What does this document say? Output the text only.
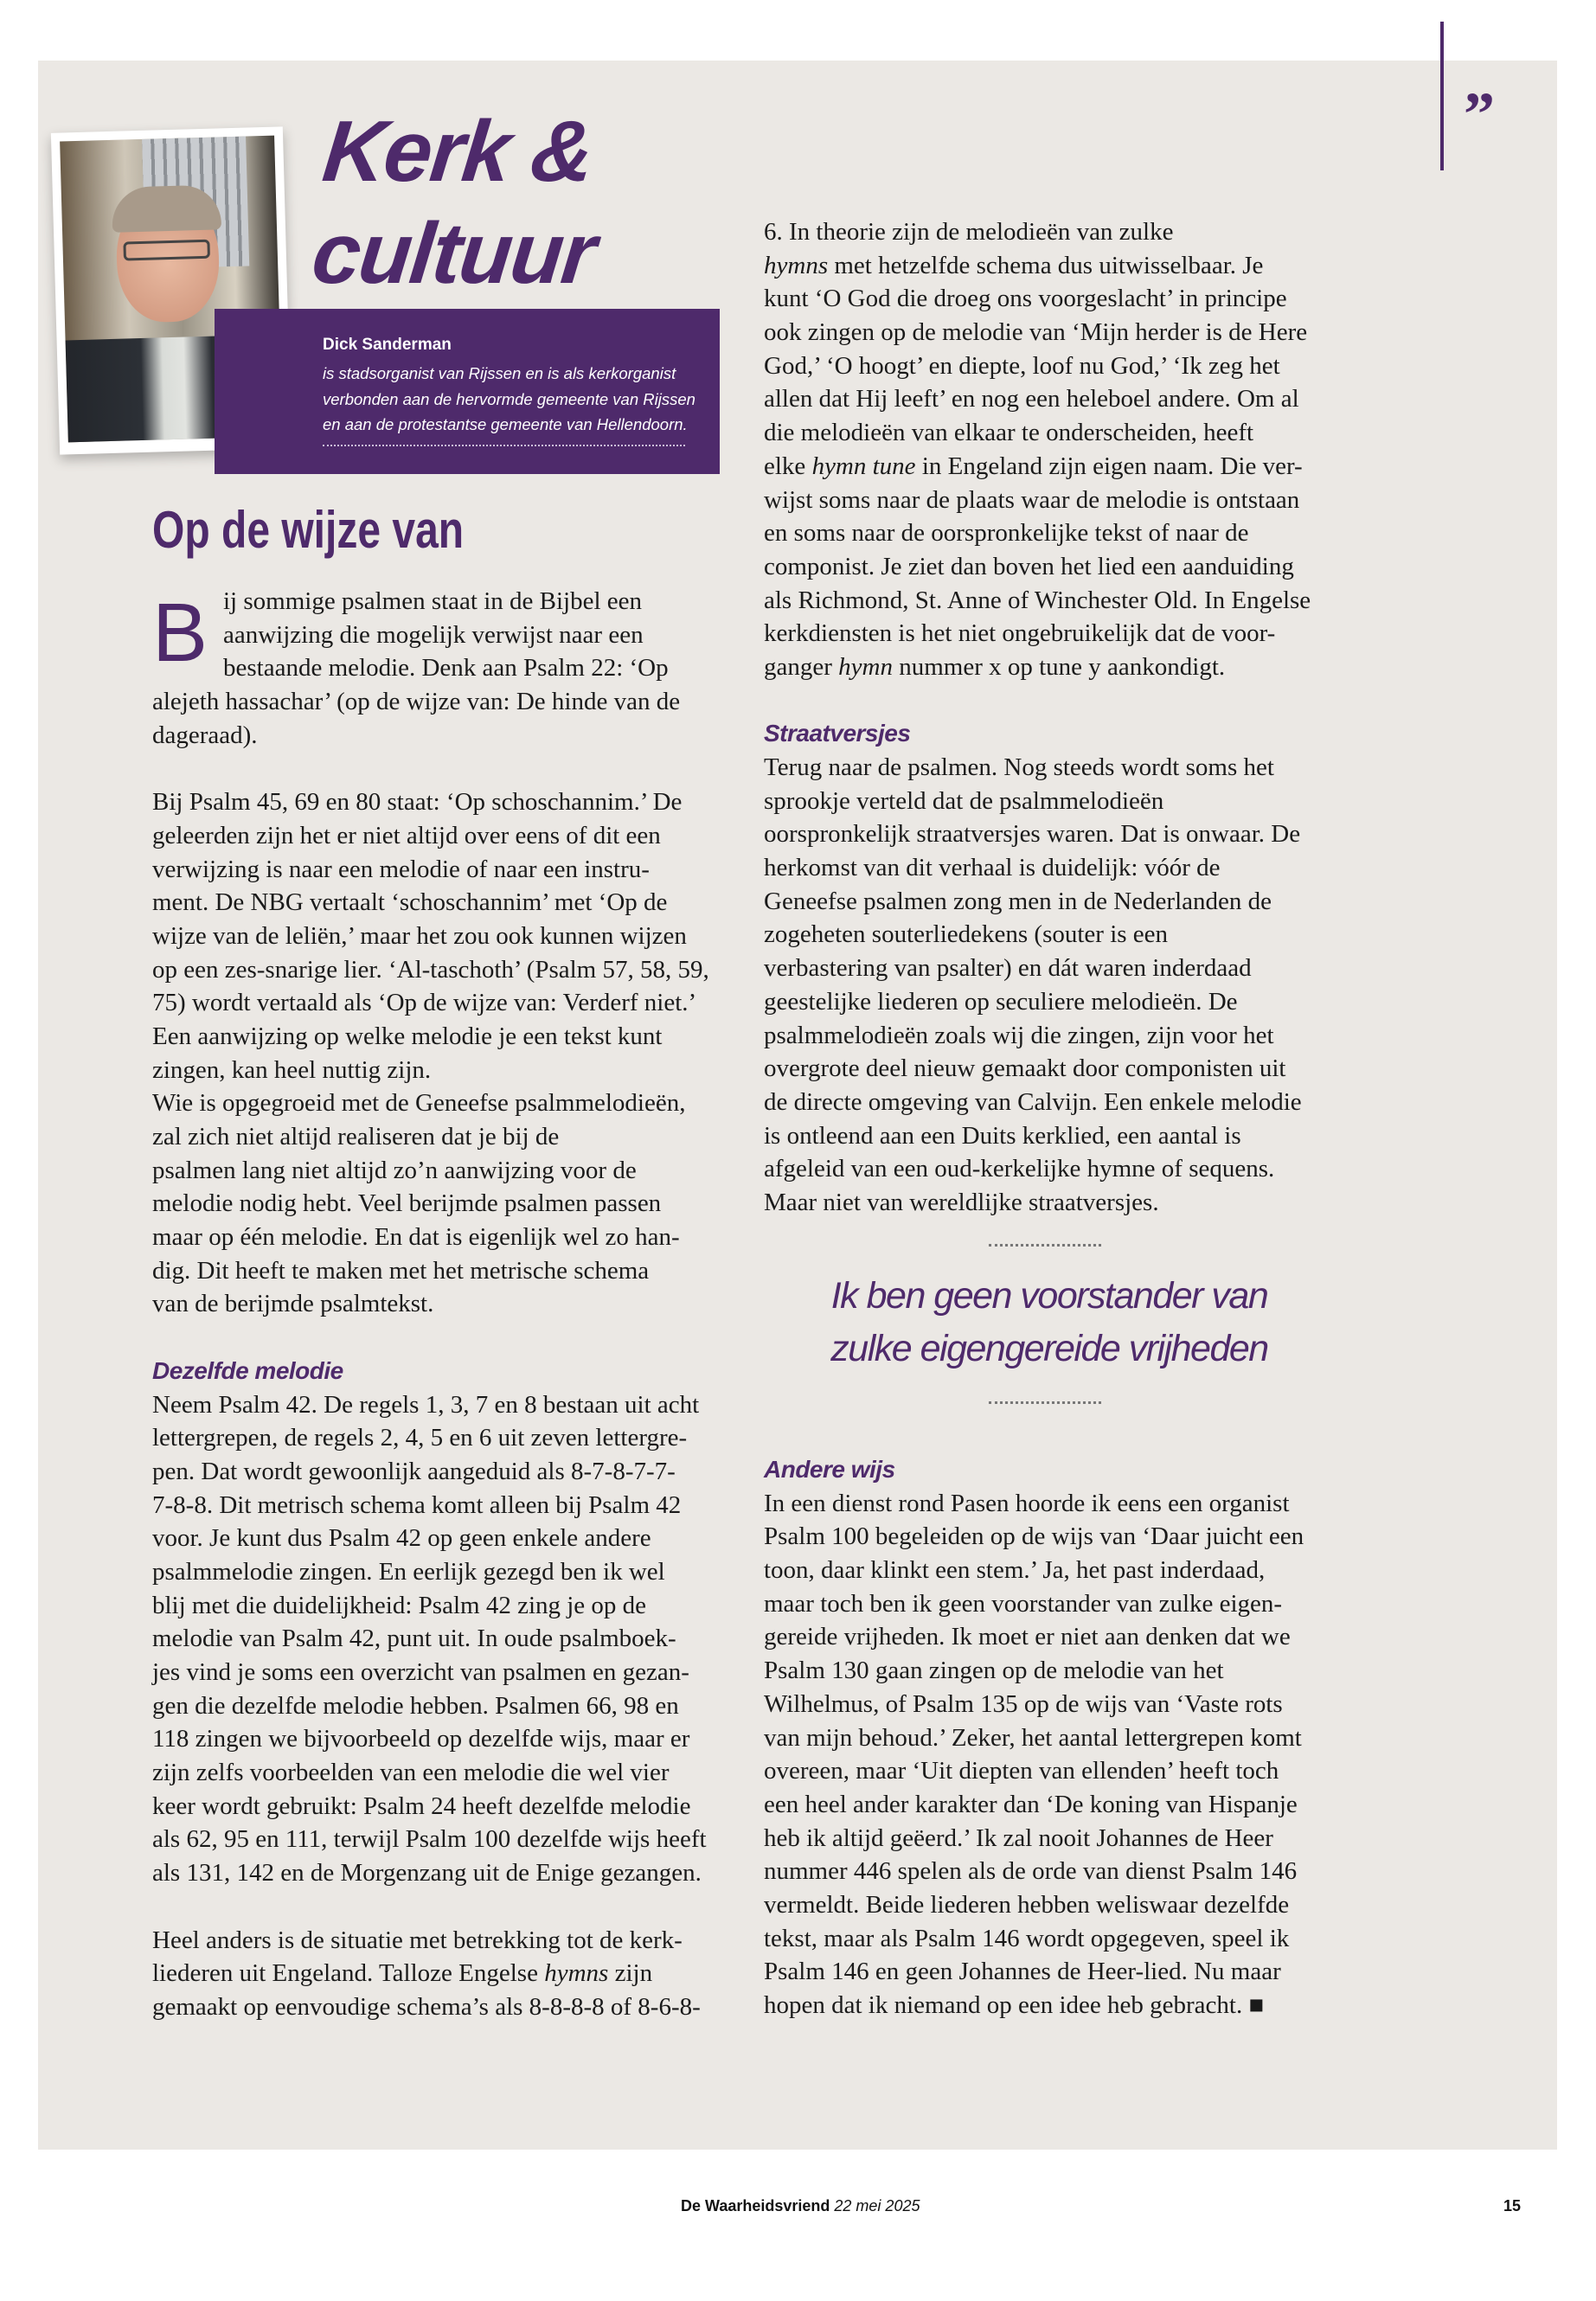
”
Kerk &
cultuur
Dick Sanderman
is stadsorganist van Rijssen en is als kerkorganist
verbonden aan de hervormde gemeente van Rijssen
en aan de protestantse gemeente van Hellendoorn.
Op de wijze van
B ij sommige psalmen staat in de Bijbel een
aanwijzing die mogelijk verwijst naar een
bestaande melodie. Denk aan Psalm 22: ‘Op
alejeth hassachar’ (op de wijze van: De hinde van de
dageraad).
Bij Psalm 45, 69 en 80 staat: ‘Op schoschannim.’ De
geleerden zijn het er niet altijd over eens of dit een
verwijzing is naar een melodie of naar een instru-
ment. De NBG vertaalt ‘schoschannim’ met ‘Op de
wijze van de leliën,’ maar het zou ook kunnen wijzen
op een zes-snarige lier. ‘Al-taschoth’ (Psalm 57, 58, 59,
75) wordt vertaald als ‘Op de wijze van: Verderf niet.’
Een aanwijzing op welke melodie je een tekst kunt
zingen, kan heel nuttig zijn.
Wie is opgegroeid met de Geneefse psalmmelodieën,
zal zich niet altijd realiseren dat je bij de
psalmen lang niet altijd zo’n aanwijzing voor de
melodie nodig hebt. Veel berijmde psalmen passen
maar op één melodie. En dat is eigenlijk wel zo han-
dig. Dit heeft te maken met het metrische schema
van de berijmde psalmtekst.
Dezelfde melodie
Neem Psalm 42. De regels 1, 3, 7 en 8 bestaan uit acht
lettergrepen, de regels 2, 4, 5 en 6 uit zeven lettergre-
pen. Dat wordt gewoonlijk aangeduid als 8-7-8-7-7-
7-8-8. Dit metrisch schema komt alleen bij Psalm 42
voor. Je kunt dus Psalm 42 op geen enkele andere
psalmmelodie zingen. En eerlijk gezegd ben ik wel
blij met die duidelijkheid: Psalm 42 zing je op de
melodie van Psalm 42, punt uit. In oude psalmboek-
jes vind je soms een overzicht van psalmen en gezan-
gen die dezelfde melodie hebben. Psalmen 66, 98 en
118 zingen we bijvoorbeeld op dezelfde wijs, maar er
zijn zelfs voorbeelden van een melodie die wel vier
keer wordt gebruikt: Psalm 24 heeft dezelfde melodie
als 62, 95 en 111, terwijl Psalm 100 dezelfde wijs heeft
als 131, 142 en de Morgenzang uit de Enige gezangen.
Heel anders is de situatie met betrekking tot de kerk-
liederen uit Engeland. Talloze Engelse hymns zijn
gemaakt op eenvoudige schema’s als 8-8-8-8 of 8-6-8-
6. In theorie zijn de melodieën van zulke
hymns met hetzelfde schema dus uitwisselbaar. Je
kunt ‘O God die droeg ons voorgeslacht’ in principe
ook zingen op de melodie van ‘Mijn herder is de Here
God,’ ‘O hoogt’ en diepte, loof nu God,’ ‘Ik zeg het
allen dat Hij leeft’ en nog een heleboel andere. Om al
die melodieën van elkaar te onderscheiden, heeft
elke hymn tune in Engeland zijn eigen naam. Die ver-
wijst soms naar de plaats waar de melodie is ontstaan
en soms naar de oorspronkelijke tekst of naar de
componist. Je ziet dan boven het lied een aanduiding
als Richmond, St. Anne of Winchester Old. In Engelse
kerkdiensten is het niet ongebruikelijk dat de voor-
ganger hymn nummer x op tune y aankondigt.
Straatversjes
Terug naar de psalmen. Nog steeds wordt soms het
sprookje verteld dat de psalmmelodieën
oorspronkelijk straatversjes waren. Dat is onwaar. De
herkomst van dit verhaal is duidelijk: vóór de
Geneefse psalmen zong men in de Nederlanden de
zogeheten souterliedekens (souter is een
verbastering van psalter) en dát waren inderdaad
geestelijke liederen op seculiere melodieën. De
psalmmelodieën zoals wij die zingen, zijn voor het
overgrote deel nieuw gemaakt door componisten uit
de directe omgeving van Calvijn. Een enkele melodie
is ontleend aan een Duits kerklied, een aantal is
afgeleid van een oud-kerkelijke hymne of sequens.
Maar niet van wereldlijke straatversjes.
Ik ben geen voorstander van
zulke eigengereide vrijheden
Andere wijs
In een dienst rond Pasen hoorde ik eens een organist
Psalm 100 begeleiden op de wijs van ‘Daar juicht een
toon, daar klinkt een stem.’ Ja, het past inderdaad,
maar toch ben ik geen voorstander van zulke eigen-
gereide vrijheden. Ik moet er niet aan denken dat we
Psalm 130 gaan zingen op de melodie van het
Wilhelmus, of Psalm 135 op de wijs van ‘Vaste rots
van mijn behoud.’ Zeker, het aantal lettergrepen komt
overeen, maar ‘Uit diepten van ellenden’ heeft toch
een heel ander karakter dan ‘De koning van Hispanje
heb ik altijd geëerd.’ Ik zal nooit Johannes de Heer
nummer 446 spelen als de orde van dienst Psalm 146
vermeldt. Beide liederen hebben weliswaar dezelfde
tekst, maar als Psalm 146 wordt opgegeven, speel ik
Psalm 146 en geen Johannes de Heer-lied. Nu maar
hopen dat ik niemand op een idee heb gebracht. ■
De Waarheidsvriend 22 mei 2025	15
